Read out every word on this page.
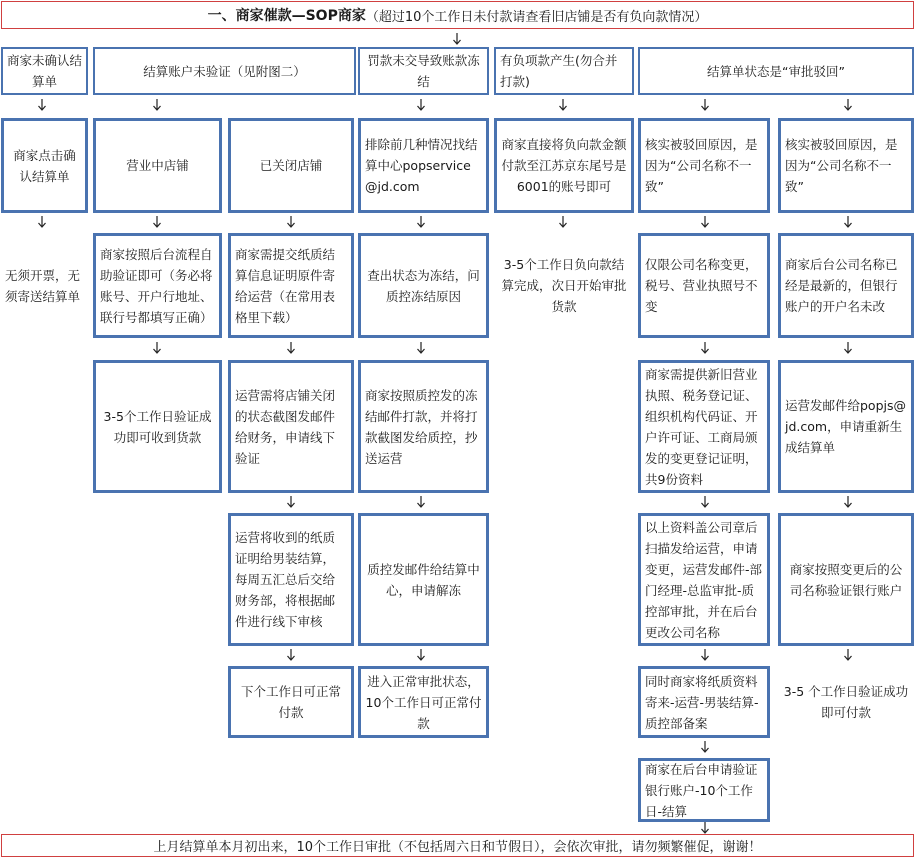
一、商家催款—SOP商家 （超过10个工作日未付款请查看旧店铺是否有负向款情况）
商家未确认结算单
结算账户未验证（见附图二）
罚款未交导致账款冻结
有负项款产生(勿合并打款)
结算单状态是“审批驳回”
商家点击确认结算单
无须开票，无须寄送结算单
营业中店铺
商家按照后台流程自助验证即可（务必将账号、开户行地址、联行号都填写正确）
3-5个工作日验证成功即可收到货款
已关闭店铺
商家需提交纸质结算信息证明原件寄给运营（在常用表格里下载）
运营需将店铺关闭的状态截图发邮件给财务，申请线下验证
运营将收到的纸质证明给男装结算，每周五汇总后交给财务部，将根据邮件进行线下审核
下个工作日可正常付款
排除前几种情况找结算中心popservice@jd.com
查出状态为冻结，问质控冻结原因
商家按照质控发的冻结邮件打款，并将打款截图发给质控，抄送运营
质控发邮件给结算中心，申请解冻
进入正常审批状态，10个工作日可正常付款
商家直接将负向款金额付款至江苏京东尾号是6001的账号即可
3-5个工作日负向款结算完成，次日开始审批货款
核实被驳回原因，是因为“公司名称不一致”
仅限公司名称变更，税号、营业执照号不变
商家需提供新旧营业执照、税务登记证、组织机构代码证、开户许可证、工商局颁发的变更登记证明，共9份资料
以上资料盖公司章后扫描发给运营，申请变更，运营发邮件-部门经理-总监审批-质控部审批，并在后台更改公司名称
同时商家将纸质资料寄来-运营-男装结算-质控部备案
商家在后台申请验证银行账户-10个工作日-结算
核实被驳回原因，是因为“公司名称不一致”
商家后台公司名称已经是最新的，但银行账户的开户名未改
运营发邮件给popjs@jd.com，申请重新生成结算单
商家按照变更后的公司名称验证银行账户
3-5 个工作日验证成功即可付款
上月结算单本月初出来，10个工作日审批（不包括周六日和节假日），会依次审批，请勿频繁催促，谢谢！
